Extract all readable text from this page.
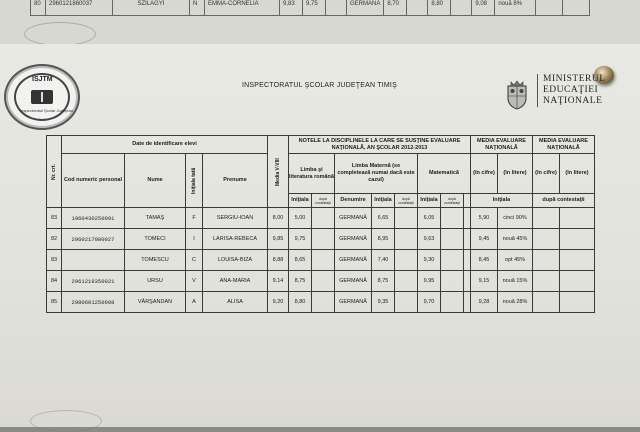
80	2960121860037	SZILAGYI	N	EMMA-CORNELIA	9,83	9,75		GERMANĂ	8,70		8,80		9,08	nouă 8%		
ISJTM
Inspectoratul Şcolar Judeţean
INSPECTORATUL ŞCOLAR JUDEŢEAN TIMIŞ
MINISTERUL
EDUCAŢIEI
NAŢIONALE
Nr. crt.	Date de identificare elevi				Media V-VIII	NOTELE LA DISCIPLINELE LA CARE SE SUSŢINE EVALUARE NAŢIONALĂ, AN ŞCOLAR 2012-2013								MEDIA EVALUARE NAŢIONALĂ		MEDIA EVALUARE NAŢIONALĂ	
	Cod numeric personal	Nume	Iniţiala tată	Prenume		Limba şi literatura română		Limba Maternă (se completează numai dacă este cazul)			Matematică			(în cifre)	(în litere)	(în cifre)	(în litere)
						Iniţiala	după contestaţii	Denumire	Iniţiala	după contestaţii	Iniţiala	după contestaţii		Iniţiala		după contestaţii	
83	1960430250091	TAMAŞ	F	SERGIU-IOAN	8,00	5,00		GERMANĂ	6,65		6,05			5,90	cinci 90%		
82	2960217080027	TOMECI	I	LARISA-REBECA	9,85	9,75		GERMANĂ	8,95		9,63			9,45	nouă 45%		
83		TOMESCU	C	LOUISA-BIZA	8,88	8,65		GERMANĂ	7,40		9,30			8,45	opt 45%		
84	2961219350021	URSU	V	ANA-MARIA	9,14	8,75		GERMANĂ	8,75		9,95			9,15	nouă 15%		
85	2980601250008	VÂRŞANDAN	A	ALISA	9,20	8,80		GERMANĂ	9,35		9,70			9,28	nouă 28%		
